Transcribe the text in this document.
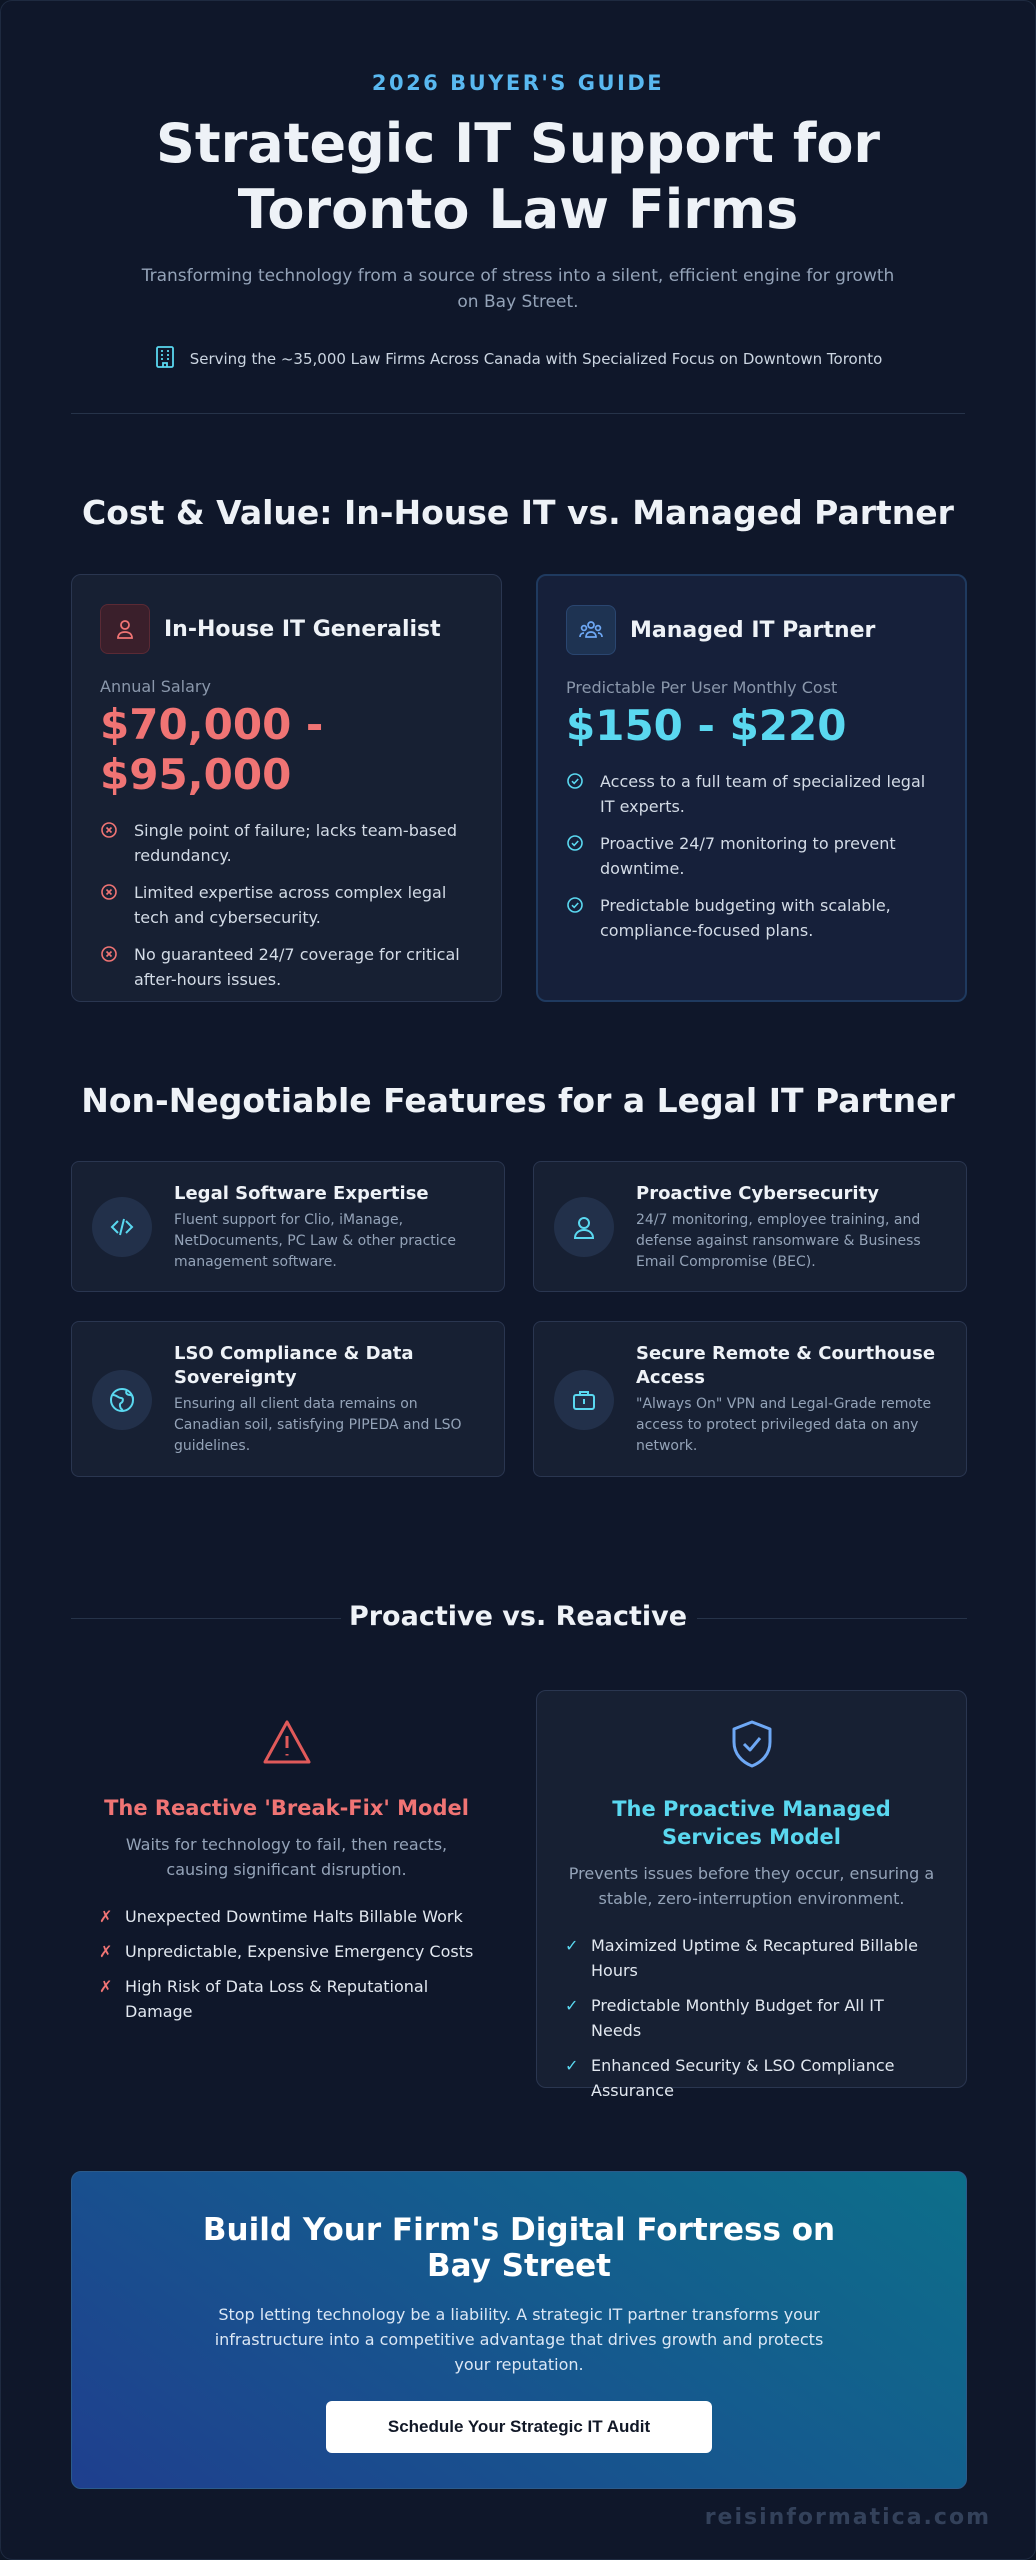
2026 BUYER'S GUIDE
Strategic IT Support for
Toronto Law Firms
Transforming technology from a source of stress into a silent, efficient engine for growth on Bay Street.
Serving the ~35,000 Law Firms Across Canada with Specialized Focus on Downtown Toronto
Cost & Value: In-House IT vs. Managed Partner
In-House IT Generalist
Annual Salary
$70,000 -
$95,000
Single point of failure; lacks team-based redundancy.
Limited expertise across complex legal tech and cybersecurity.
No guaranteed 24/7 coverage for critical after-hours issues.
Managed IT Partner
Predictable Per User Monthly Cost
$150 - $220
Access to a full team of specialized legal IT experts.
Proactive 24/7 monitoring to prevent downtime.
Predictable budgeting with scalable, compliance-focused plans.
Non-Negotiable Features for a Legal IT Partner
Legal Software Expertise
Fluent support for Clio, iManage, NetDocuments, PC Law & other practice management software.
Proactive Cybersecurity
24/7 monitoring, employee training, and defense against ransomware & Business Email Compromise (BEC).
LSO Compliance & Data Sovereignty
Ensuring all client data remains on Canadian soil, satisfying PIPEDA and LSO guidelines.
Secure Remote & Courthouse Access
"Always On" VPN and Legal-Grade remote access to protect privileged data on any network.
Proactive vs. Reactive
The Reactive 'Break-Fix' Model
Waits for technology to fail, then reacts, causing significant disruption.
✗ Unexpected Downtime Halts Billable Work
✗ Unpredictable, Expensive Emergency Costs
✗ High Risk of Data Loss & Reputational Damage
The Proactive Managed Services Model
Prevents issues before they occur, ensuring a stable, zero-interruption environment.
✓ Maximized Uptime & Recaptured Billable Hours
✓ Predictable Monthly Budget for All IT Needs
✓ Enhanced Security & LSO Compliance Assurance
Build Your Firm's Digital Fortress on Bay Street
Stop letting technology be a liability. A strategic IT partner transforms your infrastructure into a competitive advantage that drives growth and protects your reputation.
Schedule Your Strategic IT Audit
reisinformatica.com
